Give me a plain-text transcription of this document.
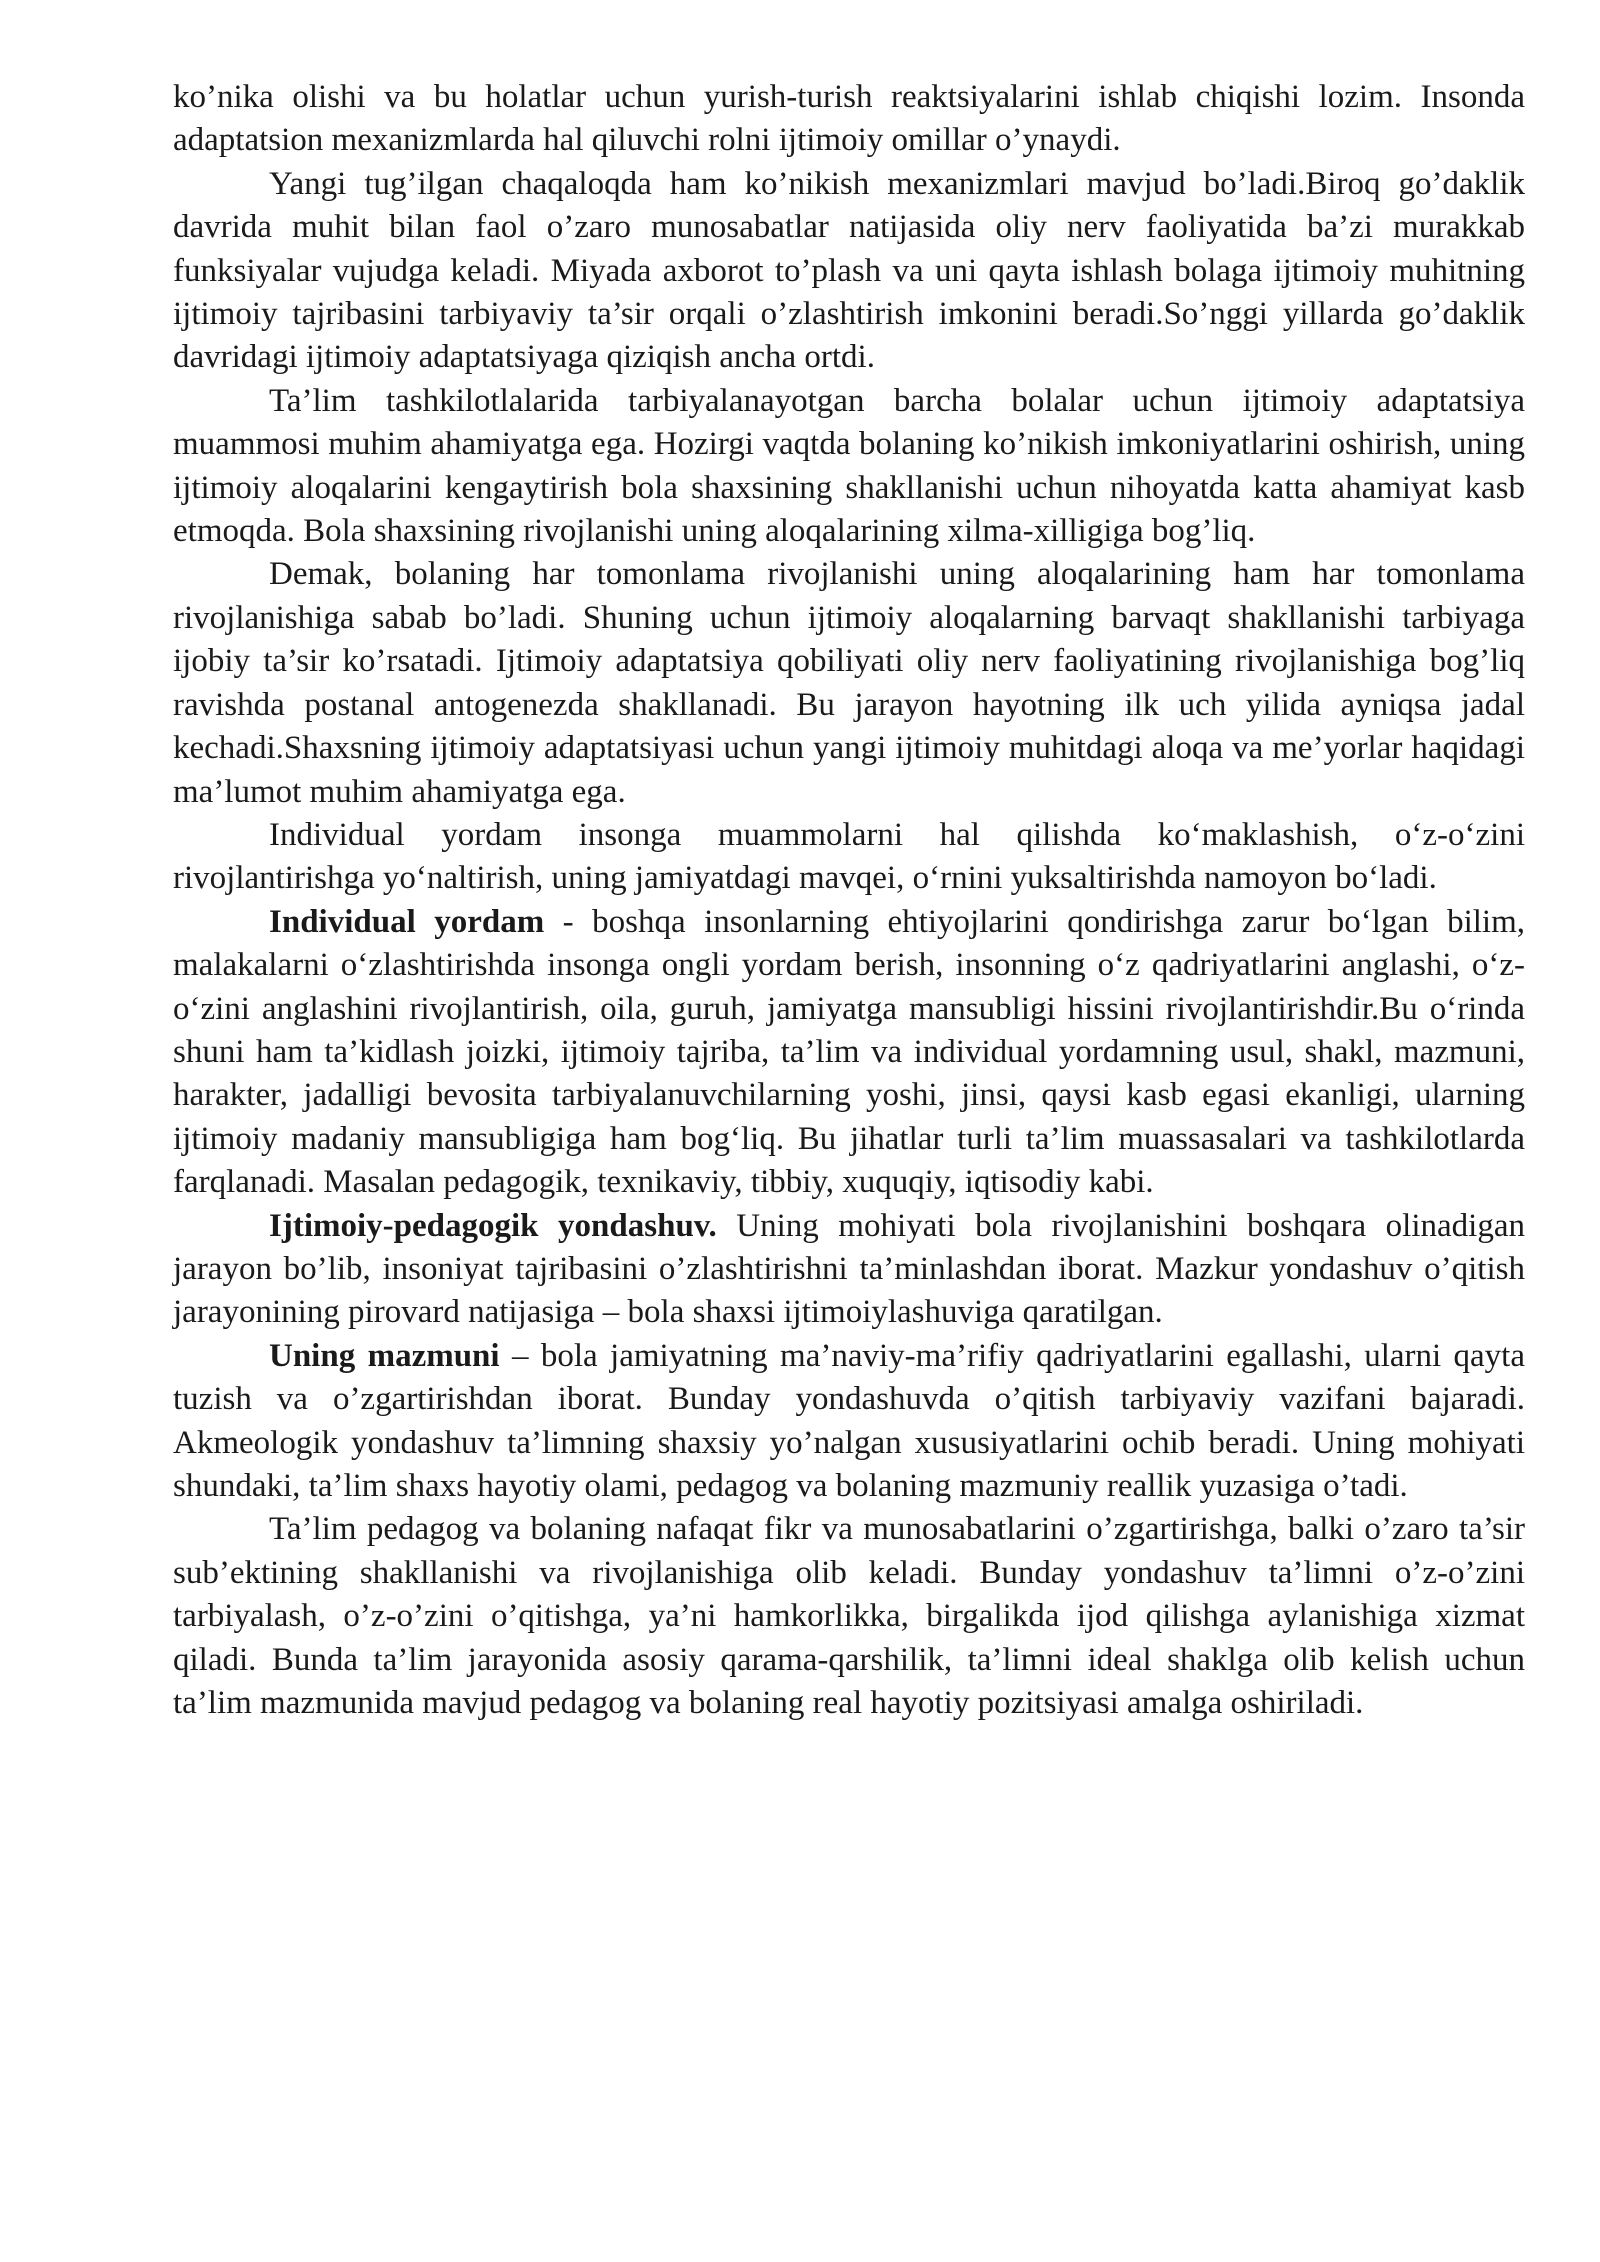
ko’nika olishi va bu holatlar uchun yurish-turish reaktsiyalarini ishlab chiqishi lozim. Insonda adaptatsion mexanizmlarda hal qiluvchi rolni ijtimoiy omillar o’ynaydi.

Yangi tug’ilgan chaqaloqda ham ko’nikish mexanizmlari mavjud bo’ladi.Biroq go’daklik davrida muhit bilan faol o’zaro munosabatlar natijasida oliy nerv faoliyatida ba’zi murakkab funksiyalar vujudga keladi. Miyada axborot to’plash va uni qayta ishlash bolaga ijtimoiy muhitning ijtimoiy tajribasini tarbiyaviy ta’sir orqali o’zlashtirish imkonini beradi.So’nggi yillarda go’daklik davridagi ijtimoiy adaptatsiyaga qiziqish ancha ortdi.

Ta’lim tashkilotlalarida tarbiyalanayotgan barcha bolalar uchun ijtimoiy adaptatsiya muammosi muhim ahamiyatga ega. Hozirgi vaqtda bolaning ko’nikish imkoniyatlarini oshirish, uning ijtimoiy aloqalarini kengaytirish bola shaxsining shakllanishi uchun nihoyatda katta ahamiyat kasb etmoqda. Bola shaxsining rivojlanishi uning aloqalarining xilma-xilligiga bog’liq.

Demak, bolaning har tomonlama rivojlanishi uning aloqalarining ham har tomonlama rivojlanishiga sabab bo’ladi. Shuning uchun ijtimoiy aloqalarning barvaqt shakllanishi tarbiyaga ijobiy ta’sir ko’rsatadi. Ijtimoiy adaptatsiya qobiliyati oliy nerv faoliyatining rivojlanishiga bog’liq ravishda postanal antogenezda shakllanadi. Bu jarayon hayotning ilk uch yilida ayniqsa jadal kechadi.Shaxsning ijtimoiy adaptatsiyasi uchun yangi ijtimoiy muhitdagi aloqa va me’yorlar haqidagi ma’lumot muhim ahamiyatga ega.

Individual yordam insonga muammolarni hal qilishda ko‘maklashish, o‘z-o‘zini rivojlantirishga yo‘naltirish, uning jamiyatdagi mavqei, o‘rnini yuksaltirishda namoyon bo‘ladi.

Individual yordam - boshqa insonlarning ehtiyojlarini qondirishga zarur bo‘lgan bilim, malakalarni o‘zlashtirishda insonga ongli yordam berish, insonning o‘z qadriyatlarini anglashi, o‘z-o‘zini anglashini rivojlantirish, oila, guruh, jamiyatga mansubligi hissini rivojlantirishdir.Bu o‘rinda shuni ham ta’kidlash joizki, ijtimoiy tajriba, ta’lim va individual yordamning usul, shakl, mazmuni, harakter, jadalligi bevosita tarbiyalanuvchilarning yoshi, jinsi, qaysi kasb egasi ekanligi, ularning ijtimoiy madaniy mansubligiga ham bog‘liq. Bu jihatlar turli ta’lim muassasalari va tashkilotlarda farqlanadi. Masalan pedagogik, texnikaviy, tibbiy, xuquqiy, iqtisodiy kabi.

Ijtimoiy-pedagogik yondashuv. Uning mohiyati bola rivojlanishini boshqara olinadigan jarayon bo’lib, insoniyat tajribasini o’zlashtirishni ta’minlashdan iborat. Mazkur yondashuv o’qitish jarayonining pirovard natijasiga – bola shaxsi ijtimoiylashuviga qaratilgan.

Uning mazmuni – bola jamiyatning ma’naviy-ma’rifiy qadriyatlarini egallashi, ularni qayta tuzish va o’zgartirishdan iborat. Bunday yondashuvda o’qitish tarbiyaviy vazifani bajaradi. Akmeologik yondashuv ta’limning shaxsiy yo’nalgan xususiyatlarini ochib beradi. Uning mohiyati shundaki, ta’lim shaxs hayotiy olami, pedagog va bolaning mazmuniy reallik yuzasiga o’tadi.

Ta’lim pedagog va bolaning nafaqat fikr va munosabatlarini o’zgartirishga, balki o’zaro ta’sir sub’ektining shakllanishi va rivojlanishiga olib keladi. Bunday yondashuv ta’limni o’z-o’zini tarbiyalash, o’z-o’zini o’qitishga, ya’ni hamkorlikka, birgalikda ijod qilishga aylanishiga xizmat qiladi. Bunda ta’lim jarayonida asosiy qarama-qarshilik, ta’limni ideal shaklga olib kelish uchun ta’lim mazmunida mavjud pedagog va bolaning real hayotiy pozitsiyasi amalga oshiriladi.
